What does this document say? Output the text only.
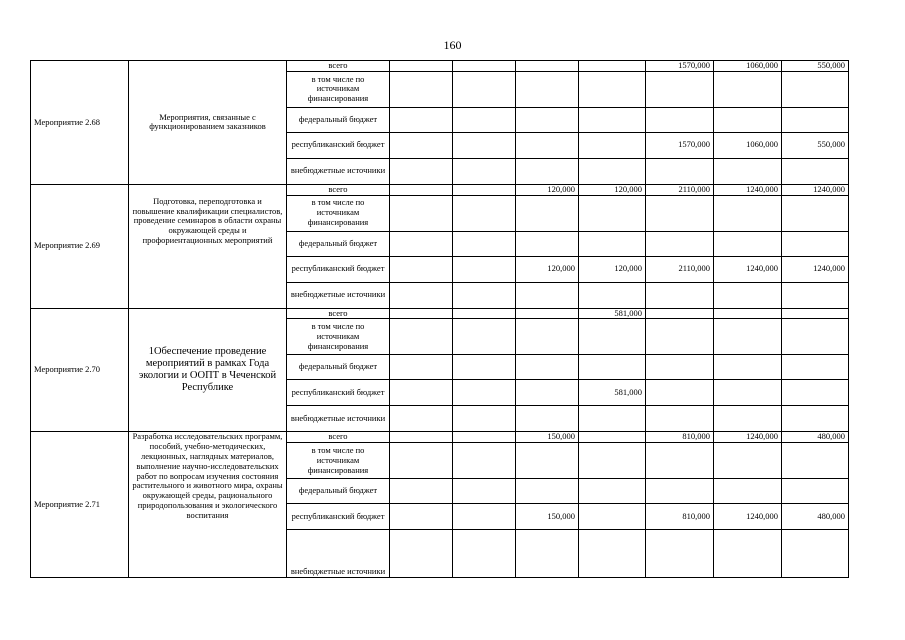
160
Мероприятие 2.68	Мероприятия, связанные с функционированием заказников	всего					1570,000	1060,000	550,000
		в том числе по источникам финансирования							
		федеральный бюджет							
		республиканский бюджет					1570,000	1060,000	550,000
		внебюджетные источники							
Мероприятие 2.69	Подготовка, переподготовка и повышение квалификации специалистов, проведение семинаров в области охраны окружающей среды и профориентационных мероприятий	всего			120,000	120,000	2110,000	1240,000	1240,000
		в том числе по источникам финансирования							
		федеральный бюджет							
		республиканский бюджет			120,000	120,000	2110,000	1240,000	1240,000
		внебюджетные источники							
Мероприятие 2.70	1Обеспечение проведение мероприятий в рамках Года экологии и ООПТ в Чеченской Республике	всего				581,000			
		в том числе по источникам финансирования							
		федеральный бюджет							
		республиканский бюджет				581,000			
		внебюджетные источники							
Мероприятие 2.71	Разработка исследовательских программ, пособий, учебно-методических, лекционных, наглядных материалов, выполнение научно-исследовательских работ по вопросам изучения состояния растительного и животного мира, охраны окружающей среды, рационального природопользования и экологического воспитания	всего			150,000		810,000	1240,000	480,000
		в том числе по источникам финансирования							
		федеральный бюджет							
		республиканский бюджет			150,000		810,000	1240,000	480,000
		внебюджетные источники							
